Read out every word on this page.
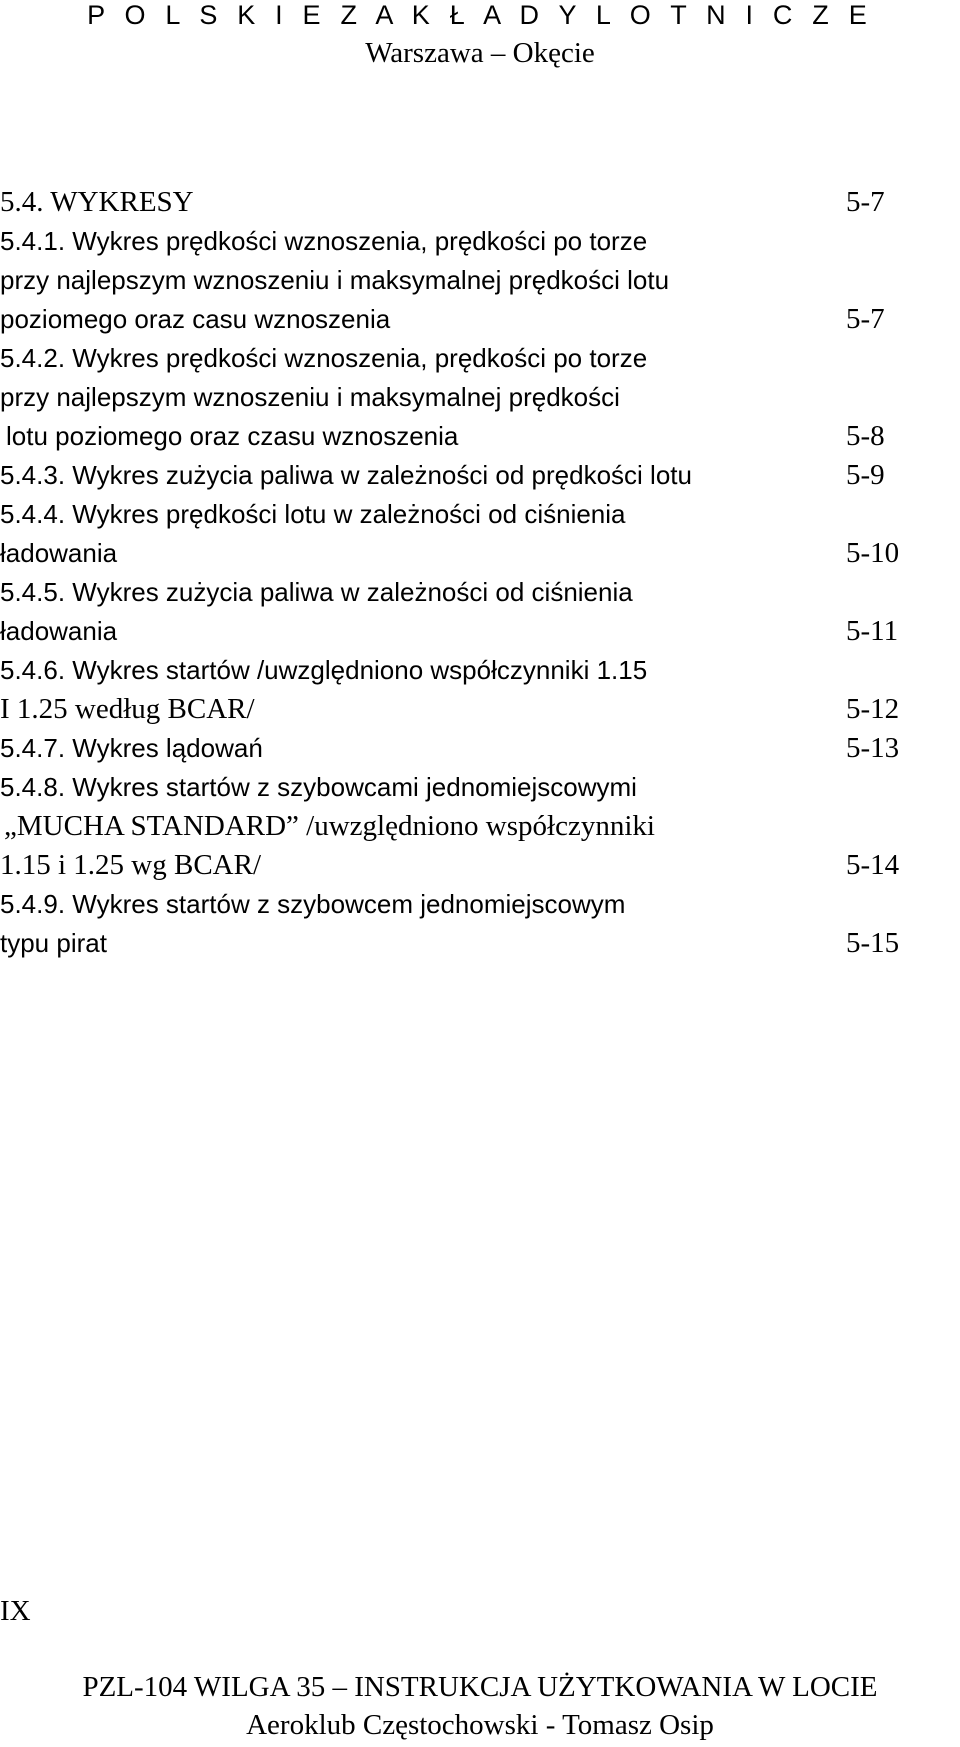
P O L S K I E Z A K Ł A D Y L O T N I C Z E
Warszawa – Okęcie
5.4. WYKRESY	5-7
5.4.1. Wykres prędkości wznoszenia, prędkości po torze
przy najlepszym wznoszeniu i maksymalnej prędkości lotu
poziomego oraz casu wznoszenia	5-7
5.4.2. Wykres prędkości wznoszenia, prędkości po torze
przy najlepszym wznoszeniu i maksymalnej prędkości
lotu poziomego oraz czasu wznoszenia	5-8
5.4.3. Wykres zużycia paliwa w zależności od prędkości lotu	5-9
5.4.4. Wykres prędkości lotu w zależności od ciśnienia
ładowania	5-10
5.4.5. Wykres zużycia paliwa w zależności od ciśnienia
ładowania	5-11
5.4.6. Wykres startów /uwzględniono współczynniki 1.15
I 1.25 według BCAR/	5-12
5.4.7. Wykres lądowań	5-13
5.4.8. Wykres startów z szybowcami jednomiejscowymi
„MUCHA STANDARD” /uwzględniono współczynniki
1.15 i 1.25 wg BCAR/	5-14
5.4.9. Wykres startów z szybowcem jednomiejscowym
typu pirat	5-15
IX
PZL-104 WILGA 35 – INSTRUKCJA UŻYTKOWANIA W LOCIE
Aeroklub Częstochowski - Tomasz Osip
